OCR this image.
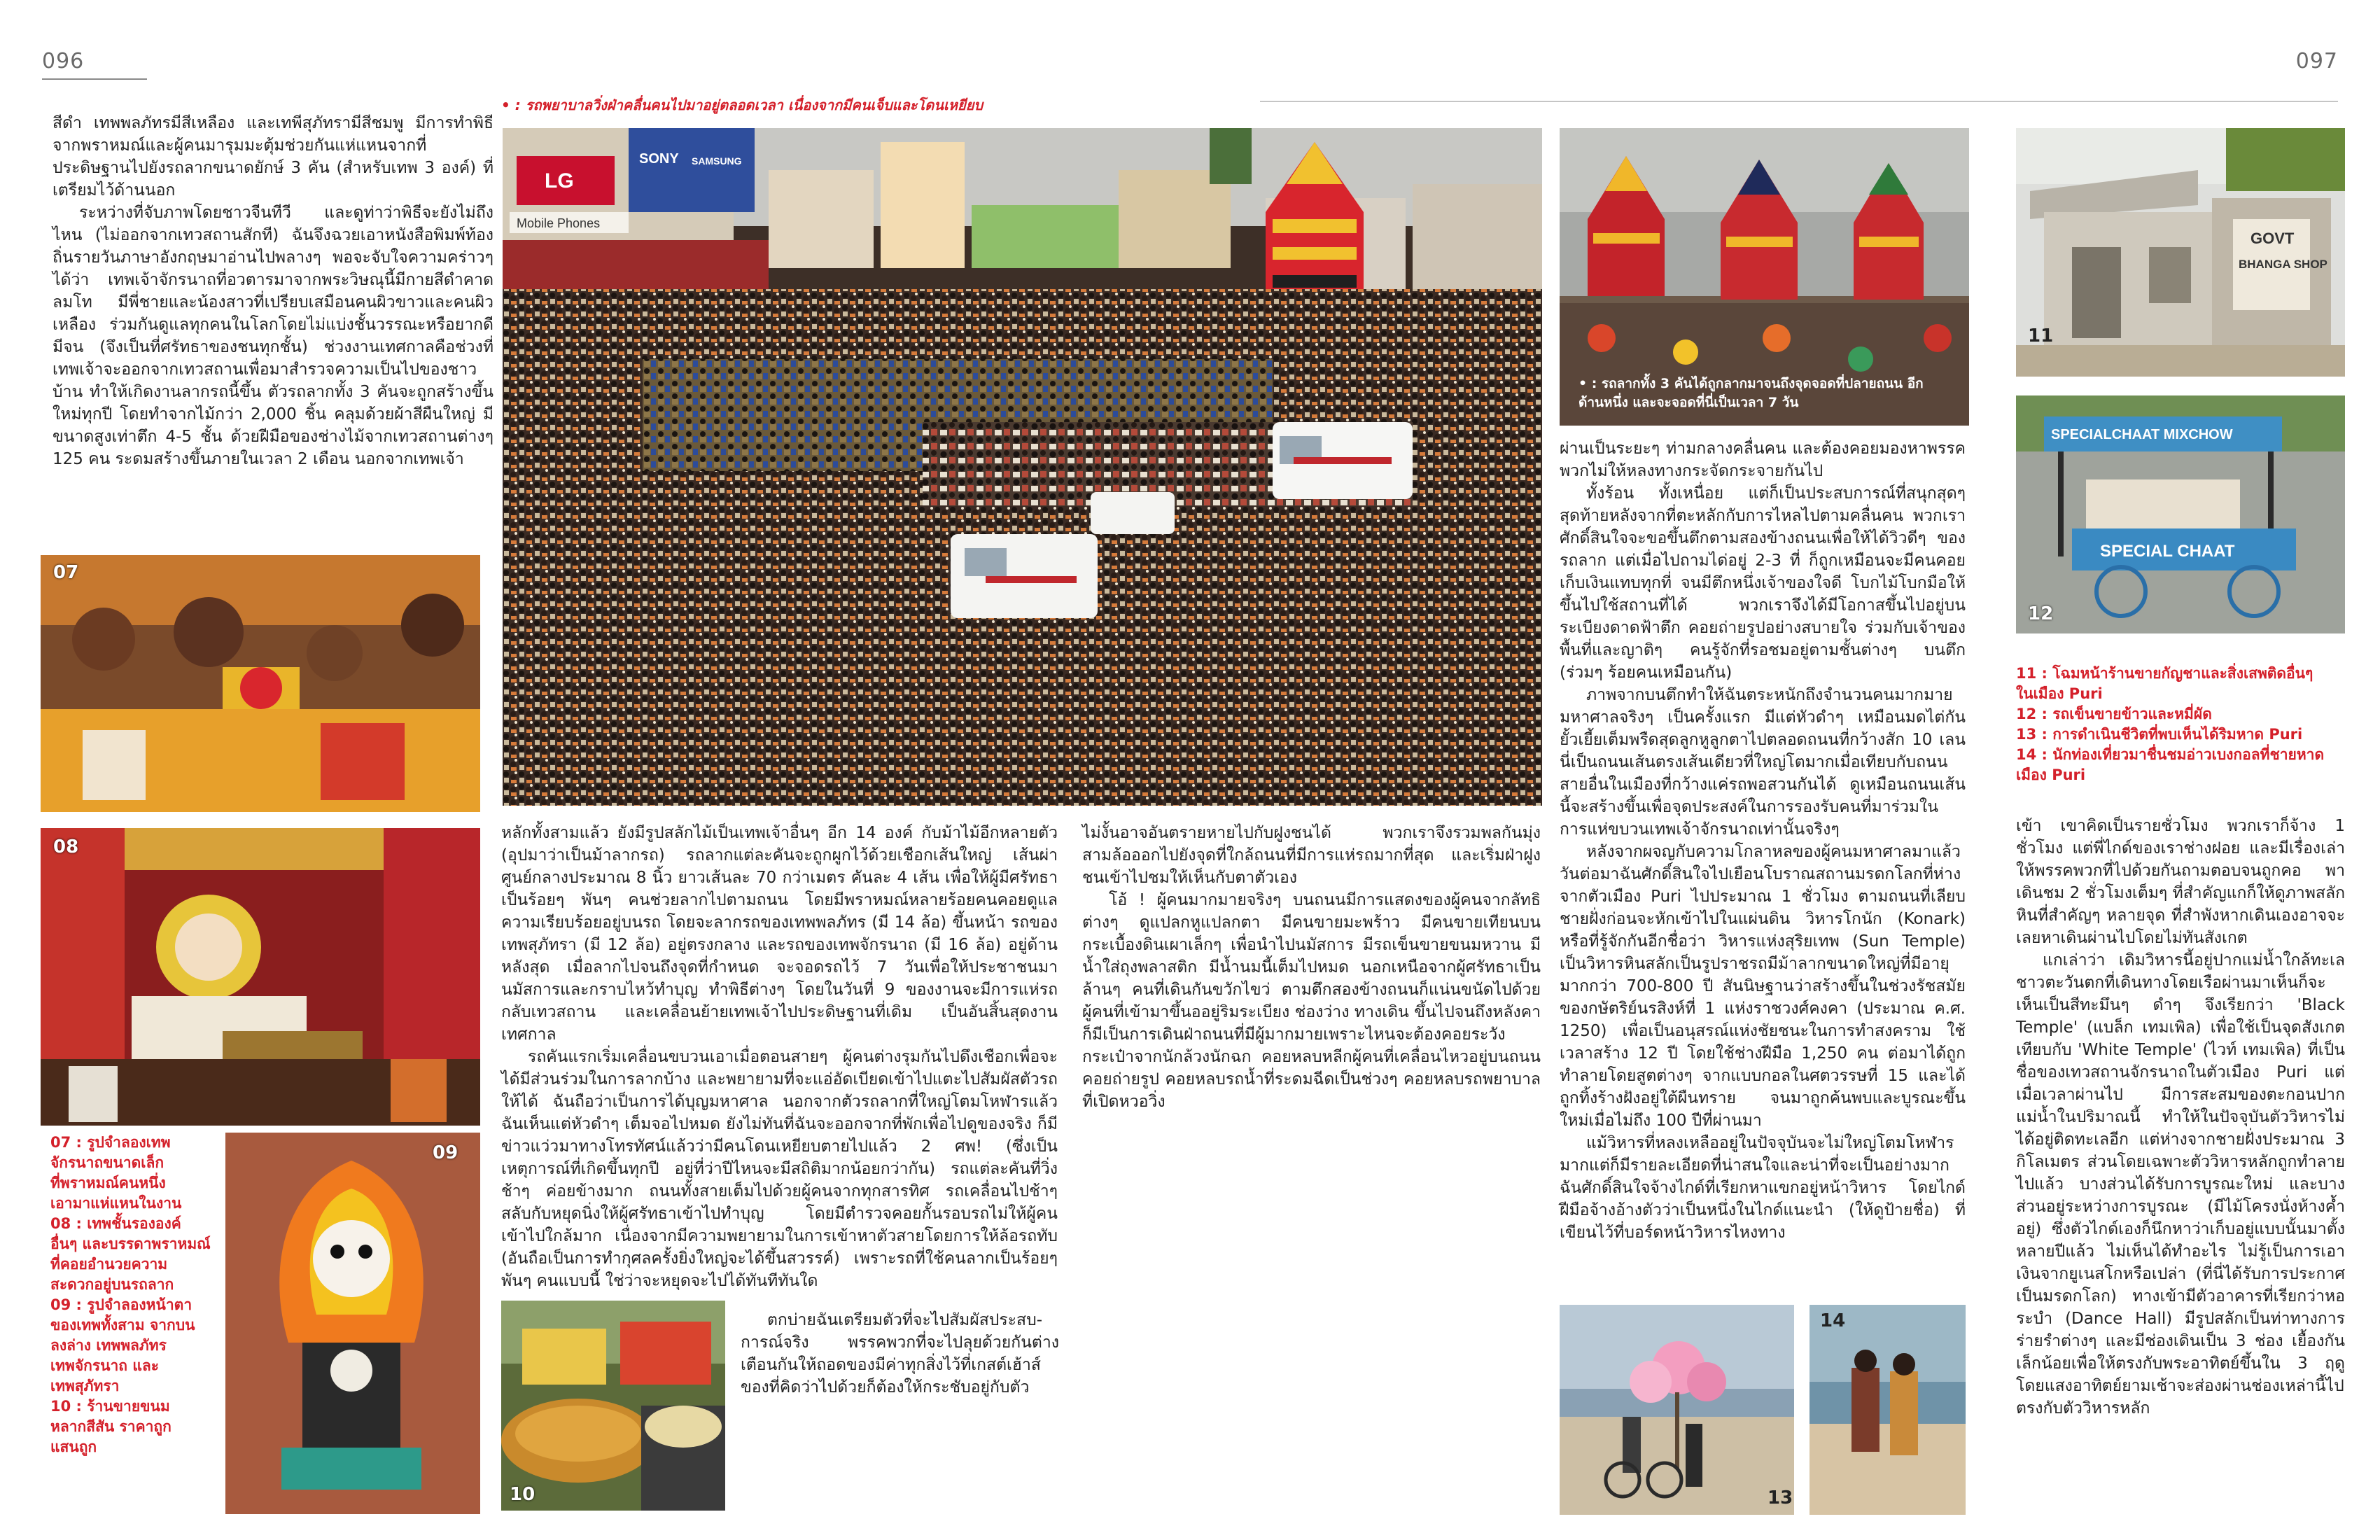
096	097
• : รถพยาบาลวิ่งฝ่าคลื่นคนไปมาอยู่ตลอดเวลา เนื่องจากมีคนเจ็บและโดนเหยียบ

สีดำ เทพพลภัทรมีสีเหลือง และเทพีสุภัทรามีสีชมพู มีการทำพิธีจากพราหมณ์และผู้คนมารุมมะตุ้มช่วยกันแห่แหนจากที่ประดิษฐานไปยังรถลากขนาดยักษ์ 3 คัน (สำหรับเทพ 3 องค์) ที่เตรียมไว้ด้านนอก

ระหว่างที่จับภาพโดยชาวจีนทีวี และดูท่าว่าพิธีจะยังไม่ถึงไหน (ไม่ออกจากเทวสถานสักที) ฉันจึงฉวยเอาหนังสือพิมพ์ท้องถิ่นรายวันภาษาอังกฤษมาอ่านไปพลางๆ พอจะจับใจความคร่าวๆ ได้ว่า เทพเจ้าจักรนาถที่อวตารมาจากพระวิษณุนี้มีกายสีดำคาดลมโท มีพี่ชายและน้องสาวที่เปรียบเสมือนคนผิวขาวและคนผิวเหลือง ร่วมกันดูแลทุกคนในโลกโดยไม่แบ่งชั้นวรรณะหรือยากดีมีจน (จึงเป็นที่ศรัทธาของชนทุกชั้น) ช่วงงานเทศกาลคือช่วงที่เทพเจ้าจะออกจากเทวสถานเพื่อมาสำรวจความเป็นไปของชาวบ้าน ทำให้เกิดงานลากรถนี้ขึ้น ตัวรถลากทั้ง 3 คันจะถูกสร้างขึ้นใหม่ทุกปี โดยทำจากไม้กว่า 2,000 ชิ้น คลุมด้วยผ้าสีผืนใหญ่ มีขนาดสูงเท่าตึก 4-5 ชั้น ด้วยฝีมือของช่างไม้จากเทวสถานต่างๆ 125 คน ระดมสร้างขึ้นภายในเวลา 2 เดือน นอกจากเทพเจ้า

LG
Mobile Phones
SONY SAMSUNG
07
08
07 : รูปจำลองเทพ
จักรนาถขนาดเล็ก
ที่พราหมณ์คนหนึ่ง
เอามาแห่แหนในงาน
08 : เทพชั้นรององค์
อื่นๆ และบรรดาพราหมณ์
ที่คอยอำนวยความ
สะดวกอยู่บนรถลาก
09 : รูปจำลองหน้าตา
ของเทพทั้งสาม จากบน
ลงล่าง เทพพลภัทร
เทพจักรนาถ และ
เทพสุภัทรา
10 : ร้านขายขนม
หลากสีสัน ราคาถูก
แสนถูก
09

หลักทั้งสามแล้ว ยังมีรูปสลักไม้เป็นเทพเจ้าอื่นๆ อีก 14 องค์ กับม้าไม้อีกหลายตัว (อุปมาว่าเป็นม้าลากรถ) รถลากแต่ละคันจะถูกผูกไว้ด้วยเชือกเส้นใหญ่ เส้นผ่าศูนย์กลางประมาณ 8 นิ้ว ยาวเส้นละ 70 กว่าเมตร คันละ 4 เส้น เพื่อให้ผู้มีศรัทธาเป็นร้อยๆ พันๆ คนช่วยลากไปตามถนน โดยมีพราหมณ์หลายร้อยคนคอยดูแลความเรียบร้อยอยู่บนรถ โดยจะลากรถของเทพพลภัทร (มี 14 ล้อ) ขึ้นหน้า รถของเทพสุภัทรา (มี 12 ล้อ) อยู่ตรงกลาง และรถของเทพจักรนาถ (มี 16 ล้อ) อยู่ด้านหลังสุด เมื่อลากไปจนถึงจุดที่กำหนด จะจอดรถไว้ 7 วันเพื่อให้ประชาชนมานมัสการและกราบไหว้ทำบุญ ทำพิธีต่างๆ โดยในวันที่ 9 ของงานจะมีการแห่รถกลับเทวสถาน และเคลื่อนย้ายเทพเจ้าไปประดิษฐานที่เดิม เป็นอันสิ้นสุดงานเทศกาล

รถคันแรกเริ่มเคลื่อนขบวนเอาเมื่อตอนสายๆ ผู้คนต่างรุมกันไปดึงเชือกเพื่อจะได้มีส่วนร่วมในการลากบ้าง และพยายามที่จะแอ่อัดเบียดเข้าไปแตะไปสัมผัสตัวรถให้ได้ ฉันถือว่าเป็นการได้บุญมหาศาล นอกจากตัวรถลากที่ใหญ่โตมโหฬารแล้ว ฉันเห็นแต่หัวดำๆ เต็มจอไปหมด ยังไม่ทันที่ฉันจะออกจากที่พักเพื่อไปดูของจริง ก็มีข่าวแว่วมาทางโทรทัศน์แล้วว่ามีคนโดนเหยียบตายไปแล้ว 2 ศพ! (ซึ่งเป็นเหตุการณ์ที่เกิดขึ้นทุกปี อยู่ที่ว่าปีไหนจะมีสถิติมากน้อยกว่ากัน) รถแต่ละคันที่วิ่งช้าๆ ค่อยข้างมาก ถนนทั้งสายเต็มไปด้วยผู้คนจากทุกสารทิศ รถเคลื่อนไปช้าๆ สลับกับหยุดนิ่งให้ผู้ศรัทธาเข้าไปทำบุญ โดยมีตำรวจคอยกั้นรอบรถไม่ให้ผู้คนเข้าไปใกล้มาก เนื่องจากมีความพยายามในการเข้าหาตัวสายโดยการให้ล้อรถทับ (อันถือเป็นการทำกุศลครั้งยิ่งใหญ่จะได้ขึ้นสวรรค์) เพราะรถที่ใช้คนลากเป็นร้อยๆ พันๆ คนแบบนี้ ใช่ว่าจะหยุดจะไปได้ทันทีทันใด

10

ตกบ่ายฉันเตรียมตัวที่จะไปสัมผัสประสบ-การณ์จริง พรรคพวกที่จะไปลุยด้วยกันต่างเตือนกันให้ถอดของมีค่าทุกสิ่งไว้ที่เกสต์เฮ้าส์ ของที่คิดว่าไปด้วยก็ต้องให้กระชับอยู่กับตัว

ไม่งั้นอาจอันตรายหายไปกับฝูงชนได้ พวกเราจึงรวมพลกันมุ่งสามล้อออกไปยังจุดที่ใกล้ถนนที่มีการแห่รถมากที่สุด และเริ่มฝ่าฝูงชนเข้าไปชมให้เห็นกับตาตัวเอง

โอ้ ! ผู้คนมากมายจริงๆ บนถนนมีการแสดงของผู้คนจากลัทธิต่างๆ ดูแปลกหูแปลกตา มีคนขายมะพร้าว มีคนขายเทียนบนกระเบื้องดินเผาเล็กๆ เพื่อนำไปนมัสการ มีรถเข็นขายขนมหวาน มีน้ำใส่ถุงพลาสติก มีน้ำนมนี้เต็มไปหมด นอกเหนือจากผู้ศรัทธาเป็นล้านๆ คนที่เดินกันขวักไขว่ ตามตึกสองข้างถนนก็แน่นขนัดไปด้วยผู้คนที่เข้ามาขึ้นออยู่ริมระเบียง ช่องว่าง ทางเดิน ขึ้นไปจนถึงหลังคาก็มีเป็นการเดินฝ่าถนนที่มีผู้มากมายเพราะไหนจะต้องคอยระวังกระเป๋าจากนักล้วงนักฉก คอยหลบหลีกผู้คนที่เคลื่อนไหวอยู่บนถนน คอยถ่ายรูป คอยหลบรถน้ำที่ระดมฉีดเป็นช่วงๆ คอยหลบรถพยาบาลที่เปิดหวอวิ่ง

• : รถลากทั้ง 3 คันได้ถูกลากมาจนถึงจุดจอดที่ปลายถนน อีกด้านหนึ่ง และจะจอดที่นี่เป็นเวลา 7 วัน

ผ่านเป็นระยะๆ ท่ามกลางคลื่นคน และต้องคอยมองหาพรรคพวกไม่ให้หลงทางกระจัดกระจายกันไป

ทั้งร้อน ทั้งเหนื่อย แต่ก็เป็นประสบการณ์ที่สนุกสุดๆ สุดท้ายหลังจากที่ตะหลักกับการไหลไปตามคลื่นคน พวกเราศักดิ์สินใจจะขอขึ้นตึกตามสองข้างถนนเพื่อให้ได้วิวดีๆ ของรถลาก แต่เมื่อไปถามได่อยู่ 2-3 ที่ ก็ถูกเหมือนจะมีคนคอยเก็บเงินแทบทุกที่ จนมีตึกหนึ่งเจ้าของใจดี โบกไม้โบกมือให้ขึ้นไปใช้สถานที่ได้ พวกเราจึงได้มีโอกาสขึ้นไปอยู่บนระเบียงดาดฟ้าตึก คอยถ่ายรูปอย่างสบายใจ ร่วมกับเจ้าของพื้นที่และญาติๆ คนรู้จักที่รอชมอยู่ตามชั้นต่างๆ บนตึก (ร่วมๆ ร้อยคนเหมือนกัน)

ภาพจากบนตึกทำให้ฉันตระหนักถึงจำนวนคนมากมายมหาศาลจริงๆ เป็นครั้งแรก มีแต่หัวดำๆ เหมือนมดไต่กันยั้วเยี้ยเต็มพรืดสุดลูกหูลูกตาไปตลอดถนนที่กว้างสัก 10 เลน นี่เป็นถนนเส้นตรงเส้นเดียวที่ใหญ่โตมากเมื่อเทียบกับถนนสายอื่นในเมืองที่กว้างแค่รถพอสวนกันได้ ดูเหมือนถนนเส้นนี้จะสร้างขึ้นเพื่อจุดประสงค์ในการรองรับคนที่มาร่วมในการแห่ขบวนเทพเจ้าจักรนาถเท่านั้นจริงๆ

หลังจากผจญกับความโกลาหลของผู้คนมหาศาลมาแล้ว วันต่อมาฉันศักดิ์สินใจไปเยือนโบราณสถานมรดกโลกที่ห่างจากตัวเมือง Puri ไปประมาณ 1 ชั่วโมง ตามถนนที่เลียบชายฝั่งก่อนจะหักเข้าไปในแผ่นดิน วิหารโกนัก (Konark) หรือที่รู้จักกันอีกชื่อว่า วิหารแห่งสุริยเทพ (Sun Temple) เป็นวิหารหินสลักเป็นรูปราชรถมีม้าลากขนาดใหญ่ที่มีอายุมากกว่า 700-800 ปี สันนิษฐานว่าสร้างขึ้นในช่วงรัชสมัยของกษัตริย์นรสิงห์ที่ 1 แห่งราชวงศ์คงคา (ประมาณ ค.ศ. 1250) เพื่อเป็นอนุสรณ์แห่งชัยชนะในการทำสงคราม ใช้เวลาสร้าง 12 ปี โดยใช้ช่างฝีมือ 1,250 คน ต่อมาได้ถูกทำลายโดยสูตต่างๆ จากแบบกอลในศตวรรษที่ 15 และได้ถูกทิ้งร้างฝังอยู่ใต้ผืนทราย จนมาถูกค้นพบและบูรณะขึ้นใหม่เมื่อไม่ถึง 100 ปีที่ผ่านมา

แม้วิหารที่หลงเหลืออยู่ในปัจจุบันจะไม่ใหญ่โตมโหฬารมากแต่ก็มีรายละเอียดที่น่าสนใจและน่าที่จะเป็นอย่างมาก ฉันศักดิ์สินใจจ้างไกด์ที่เรียกหาแขกอยู่หน้าวิหาร โดยไกด์ฝีมือจ้างอ้างตัวว่าเป็นหนึ่งในไกด์แนะนำ (ให้ดูป้ายชื่อ) ที่เขียนไว้ที่บอร์ดหน้าวิหารไหงทาง

13
14
GOVT
BHANGA SHOP
11
SPECIALCHAAT MIXCHOW
SPECIAL CHAAT
12
11 : โฉมหน้าร้านขายกัญชาและสิ่งเสพติดอื่นๆ
ในเมือง Puri
12 : รถเข็นขายข้าวและหมี่ผัด
13 : การดำเนินชีวิตที่พบเห็นได้ริมหาด Puri
14 : นักท่องเที่ยวมาชื่นชมอ่าวเบงกอลที่ชายหาด
เมือง Puri

เข้า เขาคิดเป็นรายชั่วโมง พวกเราก็จ้าง 1 ชั่วโมง แต่พี่ไกด์ของเราช่างฝอย และมีเรื่องเล่าให้พรรคพวกที่ไปด้วยกันถามตอบจนถูกคอ พาเดินชม 2 ชั่วโมงเต็มๆ ที่สำคัญแกก็ให้ดูภาพสลักหินที่สำคัญๆ หลายจุด ที่สำพังหากเดินเองอาจจะเลยหาเดินผ่านไปโดยไม่ทันสังเกต

แกเล่าว่า เดิมวิหารนี้อยู่ปากแม่น้ำใกล้ทะเล ชาวตะวันตกที่เดินทางโดยเรือผ่านมาเห็นก็จะเห็นเป็นสีทะมึนๆ ดำๆ จึงเรียกว่า 'Black Temple' (แบล็ก เทมเพิล) เพื่อใช้เป็นจุดสังเกตเทียบกับ 'White Temple' (ไวท์ เทมเพิล) ที่เป็นชื่อของเทวสถานจักรนาถในตัวเมือง Puri แต่เมื่อเวลาผ่านไป มีการสะสมของตะกอนปากแม่น้ำในปริมาณนี้ ทำให้ในปัจจุบันตัววิหารไม่ได้อยู่ติดทะเลอีก แต่ห่างจากชายฝั่งประมาณ 3 กิโลเมตร ส่วนโดยเฉพาะตัววิหารหลักถูกทำลายไปแล้ว บางส่วนได้รับการบูรณะใหม่ และบางส่วนอยู่ระหว่างการบูรณะ (มีไม้โครงนั่งห้างค้ำอยู่) ซึ่งตัวไกด์เองก็นึกหาว่าเก็บอยู่แบบนั้นมาตั้งหลายปีแล้ว ไม่เห็นได้ทำอะไร ไม่รู้เป็นการเอาเงินจากยูเนสโกหรือเปล่า (ที่นี่ได้รับการประกาศเป็นมรดกโลก) ทางเข้ามีตัวอาคารที่เรียกว่าหอระบำ (Dance Hall) มีรูปสลักเป็นท่าทางการร่ายรำต่างๆ และมีช่องเดินเป็น 3 ช่อง เยื้องกันเล็กน้อยเพื่อให้ตรงกับพระอาทิตย์ขึ้นใน 3 ฤดู โดยแสงอาทิตย์ยามเช้าจะส่องผ่านช่องเหล่านี้ไปตรงกับตัววิหารหลัก
